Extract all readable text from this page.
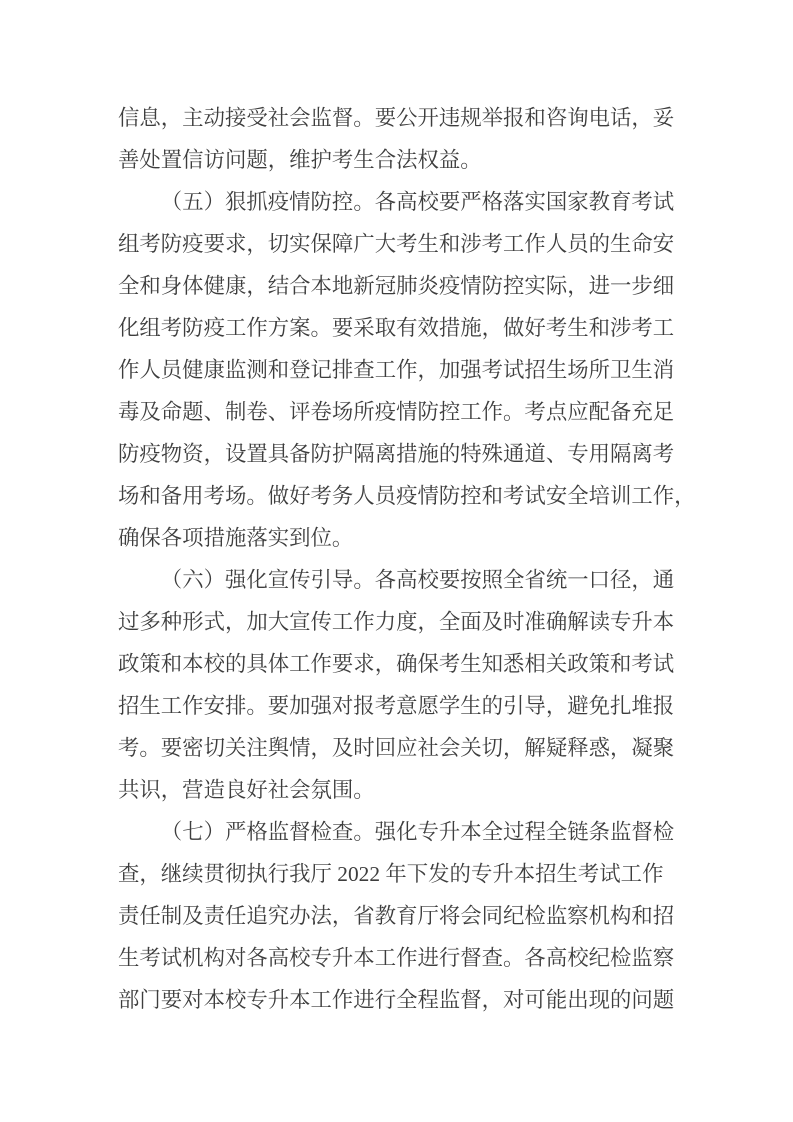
信息，主动接受社会监督。要公开违规举报和咨询电话，妥
善处置信访问题，维护考生合法权益。
（五）狠抓疫情防控。各高校要严格落实国家教育考试
组考防疫要求，切实保障广大考生和涉考工作人员的生命安
全和身体健康，结合本地新冠肺炎疫情防控实际，进一步细
化组考防疫工作方案。要采取有效措施，做好考生和涉考工
作人员健康监测和登记排查工作，加强考试招生场所卫生消
毒及命题、制卷、评卷场所疫情防控工作。考点应配备充足
防疫物资，设置具备防护隔离措施的特殊通道、专用隔离考
场和备用考场。做好考务人员疫情防控和考试安全培训工作，
确保各项措施落实到位。
（六）强化宣传引导。各高校要按照全省统一口径，通
过多种形式，加大宣传工作力度，全面及时准确解读专升本
政策和本校的具体工作要求，确保考生知悉相关政策和考试
招生工作安排。要加强对报考意愿学生的引导，避免扎堆报
考。要密切关注舆情，及时回应社会关切，解疑释惑，凝聚
共识，营造良好社会氛围。
（七）严格监督检查。强化专升本全过程全链条监督检
查，继续贯彻执行我厅 2022 年下发的专升本招生考试工作
责任制及责任追究办法，省教育厅将会同纪检监察机构和招
生考试机构对各高校专升本工作进行督查。各高校纪检监察
部门要对本校专升本工作进行全程监督，对可能出现的问题
